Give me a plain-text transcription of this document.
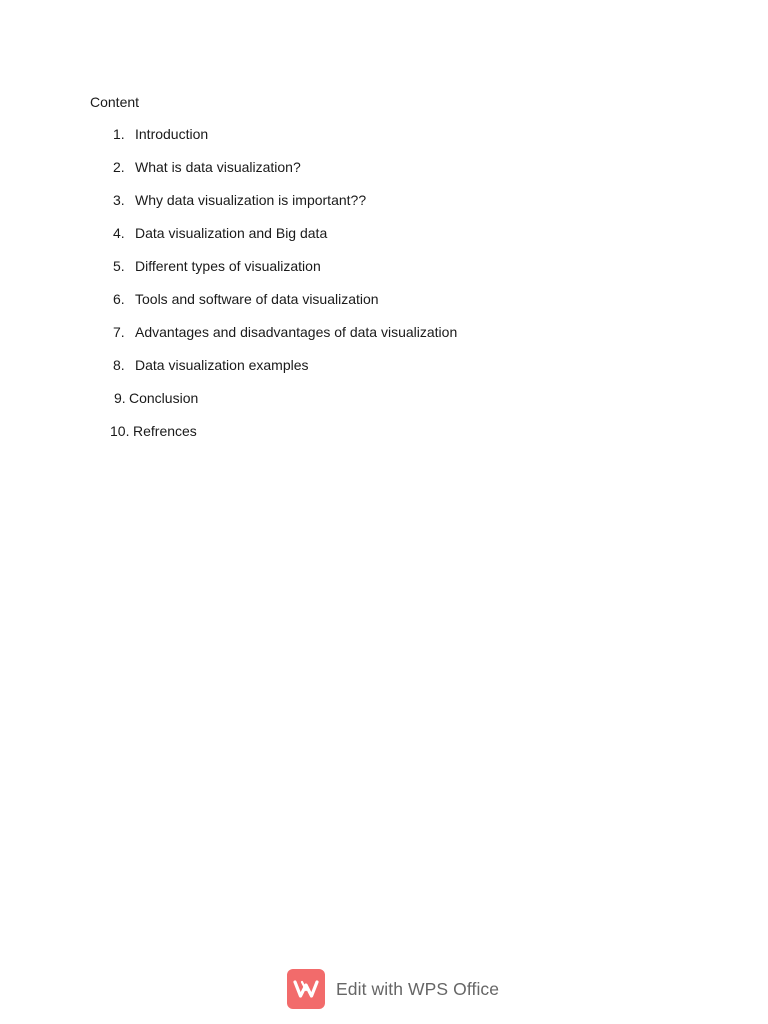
Content
1. Introduction
2. What is data visualization?
3. Why data visualization is important??
4. Data visualization and Big data
5. Different types of visualization
6. Tools and software of data visualization
7. Advantages and disadvantages of data visualization
8. Data visualization examples
9. Conclusion
10. Refrences
Edit with WPS Office
